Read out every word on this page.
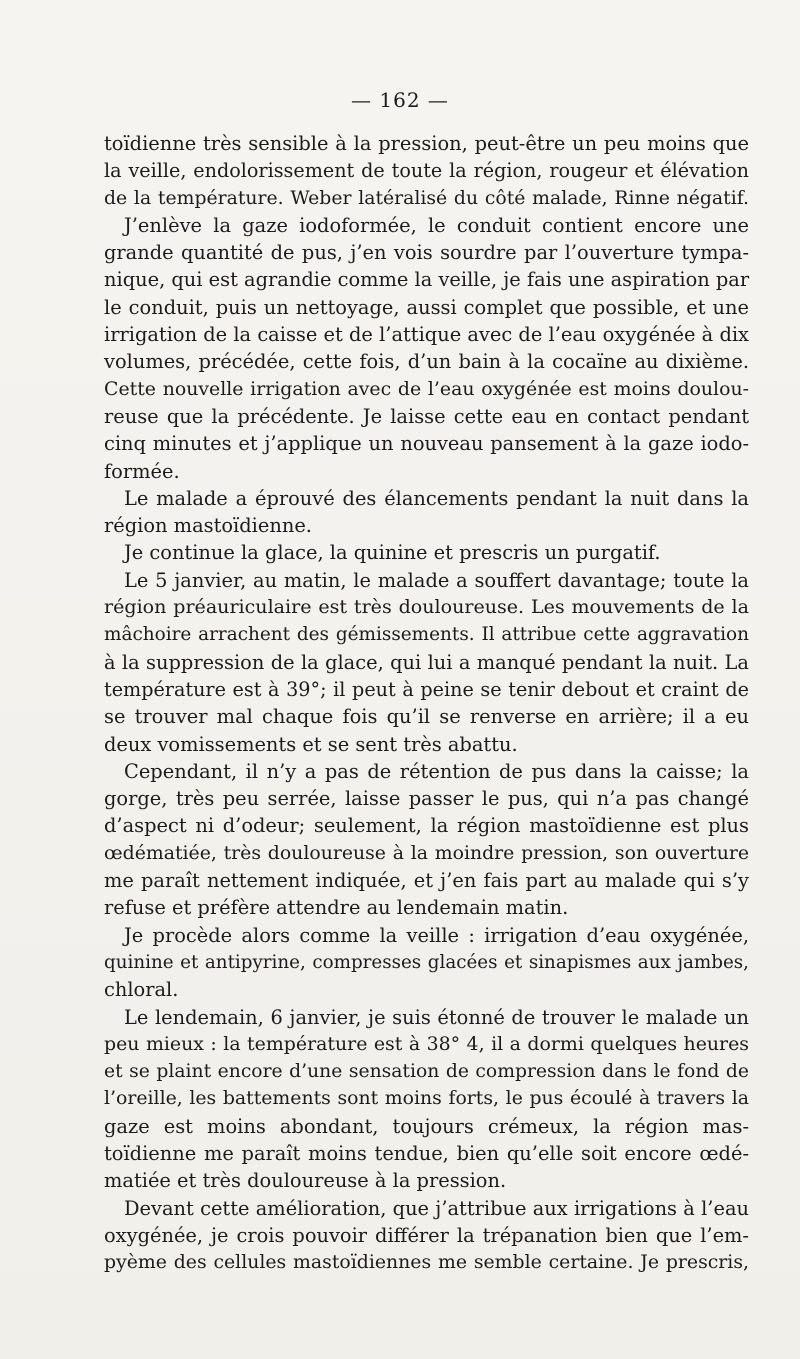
— 162 —
toïdienne très sensible à la pression, peut-être un peu moins que
la veille, endolorissement de toute la région, rougeur et élévation
de la température. Weber latéralisé du côté malade, Rinne négatif.
J’enlève la gaze iodoformée, le conduit contient encore une
grande quantité de pus, j’en vois sourdre par l’ouverture tympa-
nique, qui est agrandie comme la veille, je fais une aspiration par
le conduit, puis un nettoyage, aussi complet que possible, et une
irrigation de la caisse et de l’attique avec de l’eau oxygénée à dix
volumes, précédée, cette fois, d’un bain à la cocaïne au dixième.
Cette nouvelle irrigation avec de l’eau oxygénée est moins doulou-
reuse que la précédente. Je laisse cette eau en contact pendant
cinq minutes et j’applique un nouveau pansement à la gaze iodo-
formée.
Le malade a éprouvé des élancements pendant la nuit dans la
région mastoïdienne.
Je continue la glace, la quinine et prescris un purgatif.
Le 5 janvier, au matin, le malade a souffert davantage; toute la
région préauriculaire est très douloureuse. Les mouvements de la
mâchoire arrachent des gémissements. Il attribue cette aggravation
à la suppression de la glace, qui lui a manqué pendant la nuit. La
température est à 39°; il peut à peine se tenir debout et craint de
se trouver mal chaque fois qu’il se renverse en arrière; il a eu
deux vomissements et se sent très abattu.
Cependant, il n’y a pas de rétention de pus dans la caisse; la
gorge, très peu serrée, laisse passer le pus, qui n’a pas changé
d’aspect ni d’odeur; seulement, la région mastoïdienne est plus
œdématiée, très douloureuse à la moindre pression, son ouverture
me paraît nettement indiquée, et j’en fais part au malade qui s’y
refuse et préfère attendre au lendemain matin.
Je procède alors comme la veille : irrigation d’eau oxygénée,
quinine et antipyrine, compresses glacées et sinapismes aux jambes,
chloral.
Le lendemain, 6 janvier, je suis étonné de trouver le malade un
peu mieux : la température est à 38° 4, il a dormi quelques heures
et se plaint encore d’une sensation de compression dans le fond de
l’oreille, les battements sont moins forts, le pus écoulé à travers la
gaze est moins abondant, toujours crémeux, la région mas-
toïdienne me paraît moins tendue, bien qu’elle soit encore œdé-
matiée et très douloureuse à la pression.
Devant cette amélioration, que j’attribue aux irrigations à l’eau
oxygénée, je crois pouvoir différer la trépanation bien que l’em-
pyème des cellules mastoïdiennes me semble certaine. Je prescris,
